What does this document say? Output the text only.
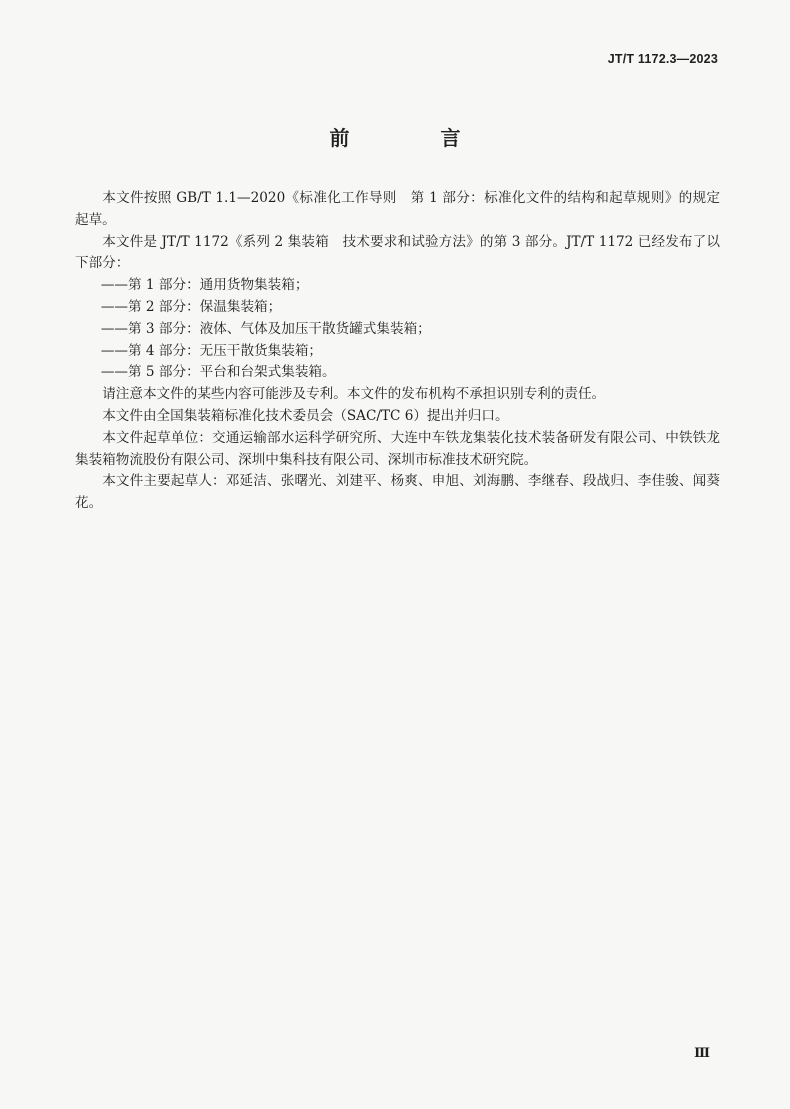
JT/T 1172.3—2023
前 言

本文件按照 GB/T 1.1—2020《标准化工作导则　第 1 部分：标准化文件的结构和起草规则》的规定起草。

本文件是 JT/T 1172《系列 2 集装箱　技术要求和试验方法》的第 3 部分。JT/T 1172 已经发布了以下部分：

——第 1 部分：通用货物集装箱；

——第 2 部分：保温集装箱；

——第 3 部分：液体、气体及加压干散货罐式集装箱；

——第 4 部分：无压干散货集装箱；

——第 5 部分：平台和台架式集装箱。

请注意本文件的某些内容可能涉及专利。本文件的发布机构不承担识别专利的责任。

本文件由全国集装箱标准化技术委员会（SAC/TC 6）提出并归口。

本文件起草单位：交通运输部水运科学研究所、大连中车铁龙集装化技术装备研发有限公司、中铁铁龙集装箱物流股份有限公司、深圳中集科技有限公司、深圳市标准技术研究院。

本文件主要起草人：邓延洁、张曙光、刘建平、杨爽、申旭、刘海鹏、李继春、段战归、李佳骏、闻葵花。

Ⅲ
